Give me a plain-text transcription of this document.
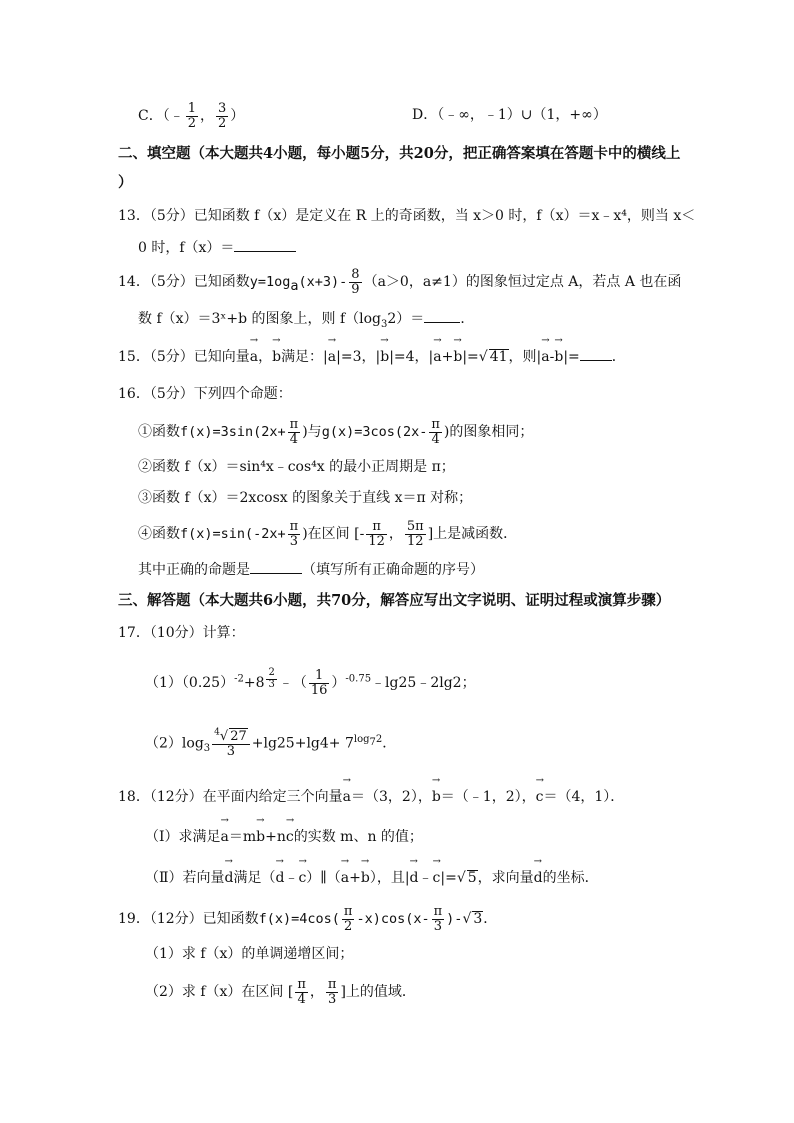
C．（﹣ $\frac{1}{2}$ ， $\frac{3}{2}$ ）	D．（﹣∞，﹣1）∪（1，+∞）
二、填空题（本大题共4小题，每小题5分，共20分，把正确答案填在答题卡中的横线上
）
13．（5分）已知函数 f（x）是定义在 R 上的奇函数，当 x＞0 时，f（x）＝x﹣x⁴，则当 x＜
0 时，f（x）＝
14．（5分）已知函数$y=1og_a(x+3)- \frac{8}{9} (a>0$，a≠1）的图象恒过定点 A，若点 A 也在函
数 f（x）＝3ˣ+b 的图象上，则 $f(\log_32)=$	．
15．（5分）已知向量→ a，→ b满足：|→ a|=3，|→ b|=4，|→ a+→ b|=√ 41，则|→ a-→ b|= ．
16．（5分）下列四个命题：
①函数$f(x)=3\sin(2x+ \frac{\pi}{4}$ )与$g(x)=3\cos(2x- \frac{\pi}{4}$ )的图象相同；
②函数 f（x）＝sin⁴x﹣cos⁴x 的最小正周期是 π；
③函数 f（x）＝2xcosx 的图象关于直线 x＝π 对称；
④函数$f(x)=\sin(-2x+ \frac{\pi}{3}$ )在区间 [- $\frac{\pi}{12}$ ， $\frac{5\pi}{12}$ ]上是减函数．
其中正确的命题是	（填写所有正确命题的序号）
三、解答题（本大题共6小题，共70分，解答应写出文字说明、证明过程或演算步骤）
17．（10分）计算：
$(1)(0.25)^{-2}+8$ $^{\frac{2}{3}}$ ﹣（ $\frac{1}{16}$ ）$^{-0.75}$﹣lg25﹣2lg2；
$(2)\log_3 \frac{^4√ 27}{3} +\lg 25+\lg 4+ 7^{log_72}$．
18．（12分）在平面内给定三个向量→ a＝（3，2），→ b＝（﹣1，2），→ c＝（4，1）．
（Ⅰ）求满足→ a＝m→ b+n→ c的实数 m、n 的值；
（Ⅱ）若向量→ d满足（→ d﹣→ c）∥（→ a+→ b），且|→ d﹣→ c|=√ 5，求向量→ d的坐标．
19．（12分）已知函数$f(x)=4\cos( \frac{\pi}{2} -x)\cos(x- \frac{\pi}{3}$ )-√ 3．
（1）求 f（x）的单调递增区间；
（2）求 f（x）在区间 [ $\frac{\pi}{4}$ ， $\frac{\pi}{3}$ ]上的值域．
